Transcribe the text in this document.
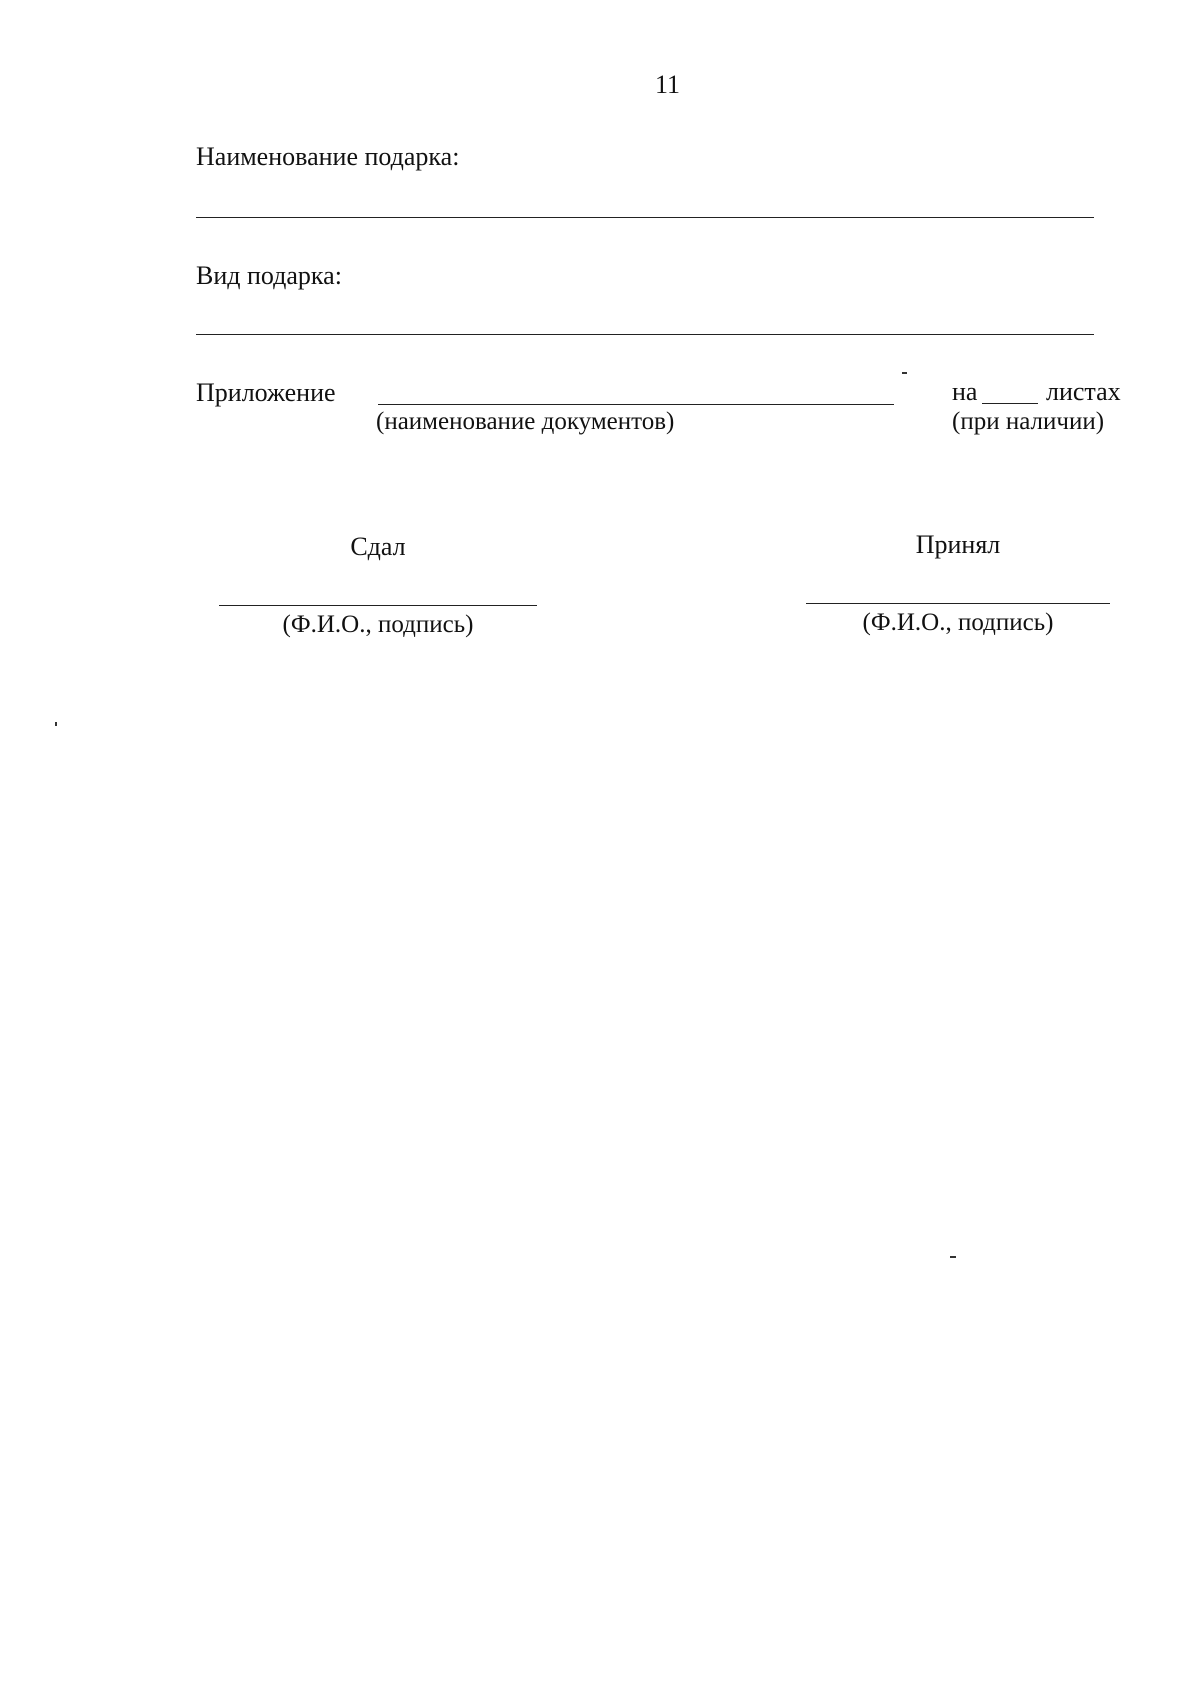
11
Наименование подарка:
Вид подарка:
Приложение
(наименование документов)
на	листах
(при наличии)
Сдал
(Ф.И.О., подпись)
Принял
(Ф.И.О., подпись)
